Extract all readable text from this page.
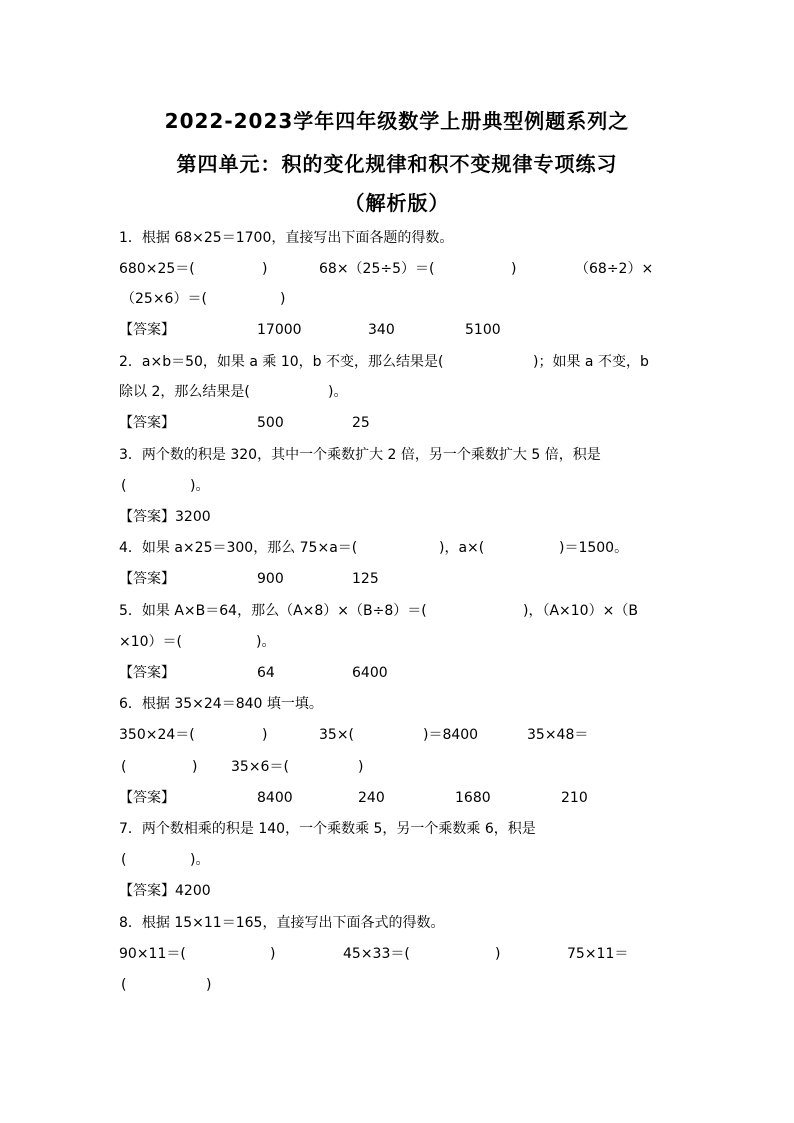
2022-2023学年四年级数学上册典型例题系列之
第四单元：积的变化规律和积不变规律专项练习
（解析版）
1．根据 68×25＝1700，直接写出下面各题的得数。
680×25＝(	)	68×（25÷5）＝(	)	（68÷2）×
（25×6）＝(	)
【答案】	17000	340	5100
2．a×b＝50，如果 a 乘 10，b 不变，那么结果是(	)；如果 a 不变，b
除以 2，那么结果是(	)。
【答案】	500	25
3．两个数的积是 320，其中一个乘数扩大 2 倍，另一个乘数扩大 5 倍，积是
(	)。
【答案】 3200
4．如果 a×25＝300，那么 75×a＝(	)，a×(	)＝1500。
【答案】	900	125
5．如果 A×B＝64，那么（A×8）×（B÷8）＝(	)，（A×10）×（B
×10）＝(	)。
【答案】	64	6400
6．根据 35×24＝840 填一填。
350×24＝(	)	35×(	)＝8400	35×48＝
(	) 35×6＝(	)
【答案】	8400	240	1680	210
7．两个数相乘的积是 140，一个乘数乘 5，另一个乘数乘 6，积是
(	)。
【答案】 4200
8．根据 15×11＝165，直接写出下面各式的得数。
90×11＝(	)	45×33＝(	)	75×11＝
(	)
